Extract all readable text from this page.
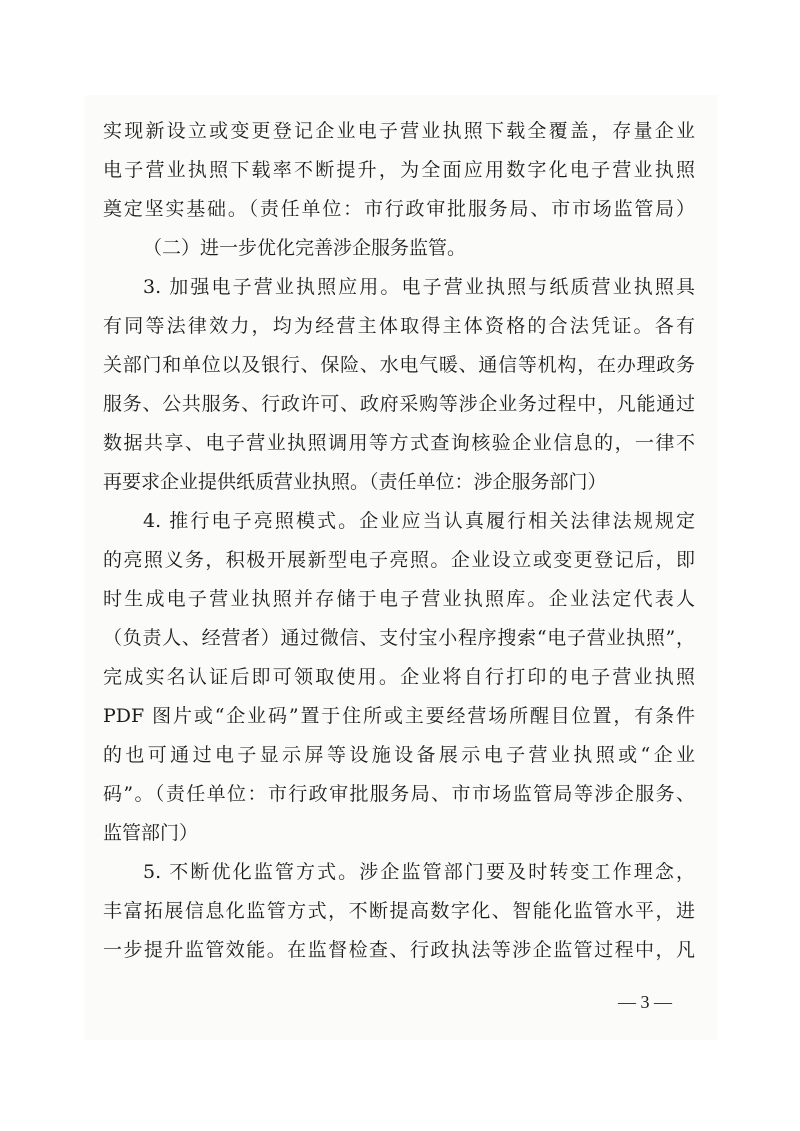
实现新设立或变更登记企业电子营业执照下载全覆盖，存量企业
电子营业执照下载率不断提升，为全面应用数字化电子营业执照
奠定坚实基础。（责任单位：市行政审批服务局、市市场监管局）
（二）进一步优化完善涉企服务监管。
3. 加强电子营业执照应用。电子营业执照与纸质营业执照具
有同等法律效力，均为经营主体取得主体资格的合法凭证。各有
关部门和单位以及银行、保险、水电气暖、通信等机构，在办理政务
服务、公共服务、行政许可、政府采购等涉企业务过程中，凡能通过
数据共享、电子营业执照调用等方式查询核验企业信息的，一律不
再要求企业提供纸质营业执照。（责任单位：涉企服务部门）
4. 推行电子亮照模式。企业应当认真履行相关法律法规规定
的亮照义务，积极开展新型电子亮照。企业设立或变更登记后，即
时生成电子营业执照并存储于电子营业执照库。企业法定代表人
（负责人、经营者）通过微信、支付宝小程序搜索“电子营业执照”，
完成实名认证后即可领取使用。企业将自行打印的电子营业执照
PDF 图片或“企业码”置于住所或主要经营场所醒目位置，有条件
的也可通过电子显示屏等设施设备展示电子营业执照或“企业
码”。（责任单位：市行政审批服务局、市市场监管局等涉企服务、
监管部门）
5. 不断优化监管方式。涉企监管部门要及时转变工作理念，
丰富拓展信息化监管方式，不断提高数字化、智能化监管水平，进
一步提升监管效能。在监督检查、行政执法等涉企监管过程中，凡
— 3 —
